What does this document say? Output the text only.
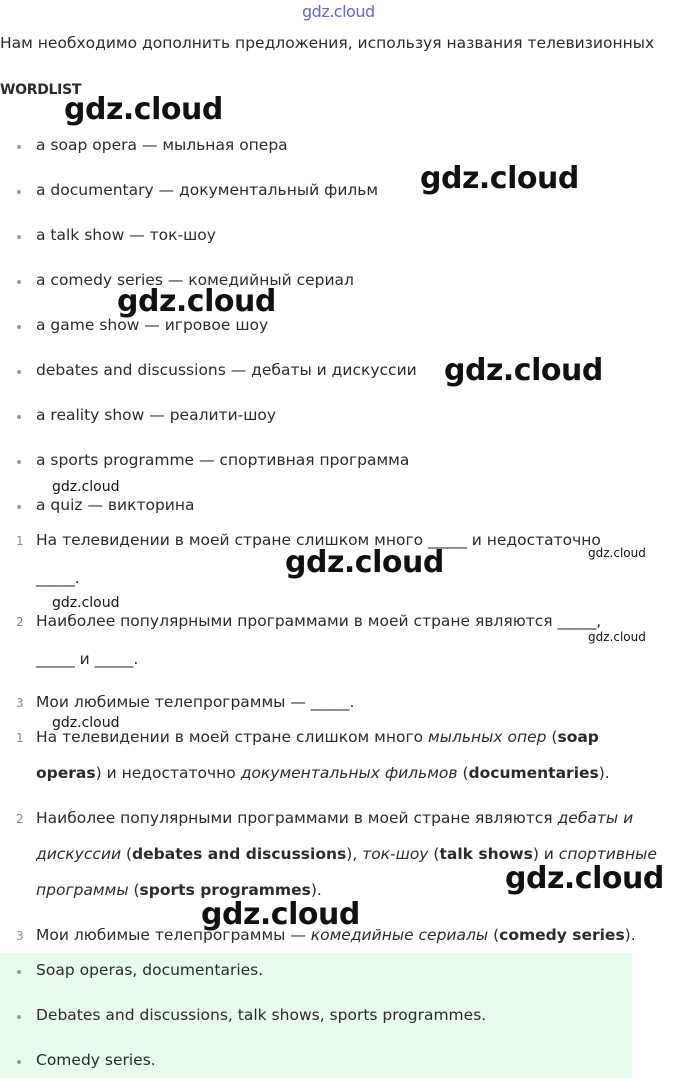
gdz.cloud
Нам необходимо дополнить предложения, используя названия телевизионных
WORDLIST
a soap opera — мыльная опера
a documentary — документальный фильм
a talk show — ток-шоу
a comedy series — комедийный сериал
a game show — игровое шоу
debates and discussions — дебаты и дискуссии
a reality show — реалити-шоу
a sports programme — спортивная программа
a quiz — викторина
1 На телевидении в моей стране слишком много _____ и недостаточно
_____.
2 Наиболее популярными программами в моей стране являются _____,
_____ и _____.
3 Мои любимые телепрограммы — _____.
1 На телевидении в моей стране слишком много мыльных опер (soap
operas) и недостаточно документальных фильмов (documentaries).
2 Наиболее популярными программами в моей стране являются дебаты и
дискуссии (debates and discussions), ток-шоу (talk shows) и спортивные
программы (sports programmes).
3 Мои любимые телепрограммы — комедийные сериалы (comedy series).
Soap operas, documentaries.
Debates and discussions, talk shows, sports programmes.
Comedy series.
gdz.cloud
gdz.cloud
gdz.cloud
gdz.cloud
gdz.cloud
gdz.cloud	gdz.cloud
gdz.cloud
gdz.cloud
gdz.cloud
gdz.cloud
gdz.cloud
